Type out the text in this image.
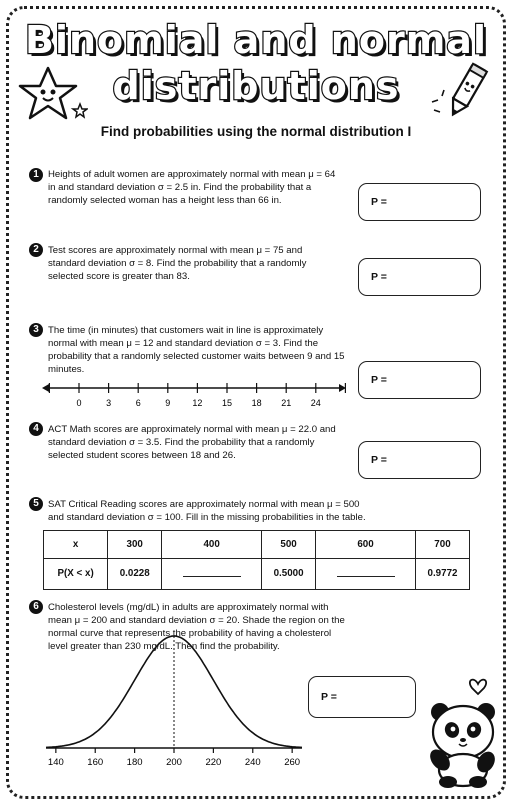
Binomial and normal
distributions
Find probabilities using the normal distribution I
1 Heights of adult women are approximately normal with mean μ = 64 in and standard deviation σ = 2.5 in. Find the probability that a randomly selected woman has a height less than 66 in.	P =
2 Test scores are approximately normal with mean μ = 75 and standard deviation σ = 8. Find the probability that a randomly selected score is greater than 83.	P =
3 The time (in minutes) that customers wait in line is approximately normal with mean μ = 12 and standard deviation σ = 3. Find the probability that a randomly selected customer waits between 9 and 15 minutes.
P =
0	3	6	9 12 15 18 21 24
4 ACT Math scores are approximately normal with mean μ = 22.0 and standard deviation σ = 3.5. Find the probability that a randomly selected student scores between 18 and 26.	P =
5 SAT Critical Reading scores are approximately normal with mean μ = 500 and standard deviation σ = 100. Fill in the missing probabilities in the table.
x	300	400	500	600	700
P(X < x)	0.0228		0.5000		0.9772
6 Cholesterol levels (mg/dL) in adults are approximately normal with mean μ = 200 and standard deviation σ = 20. Shade the region on the normal curve that represents the probability of having a cholesterol level greater than 230 mg/dL. Then find the probability.
P =
140 160 180 200 220 240 260
